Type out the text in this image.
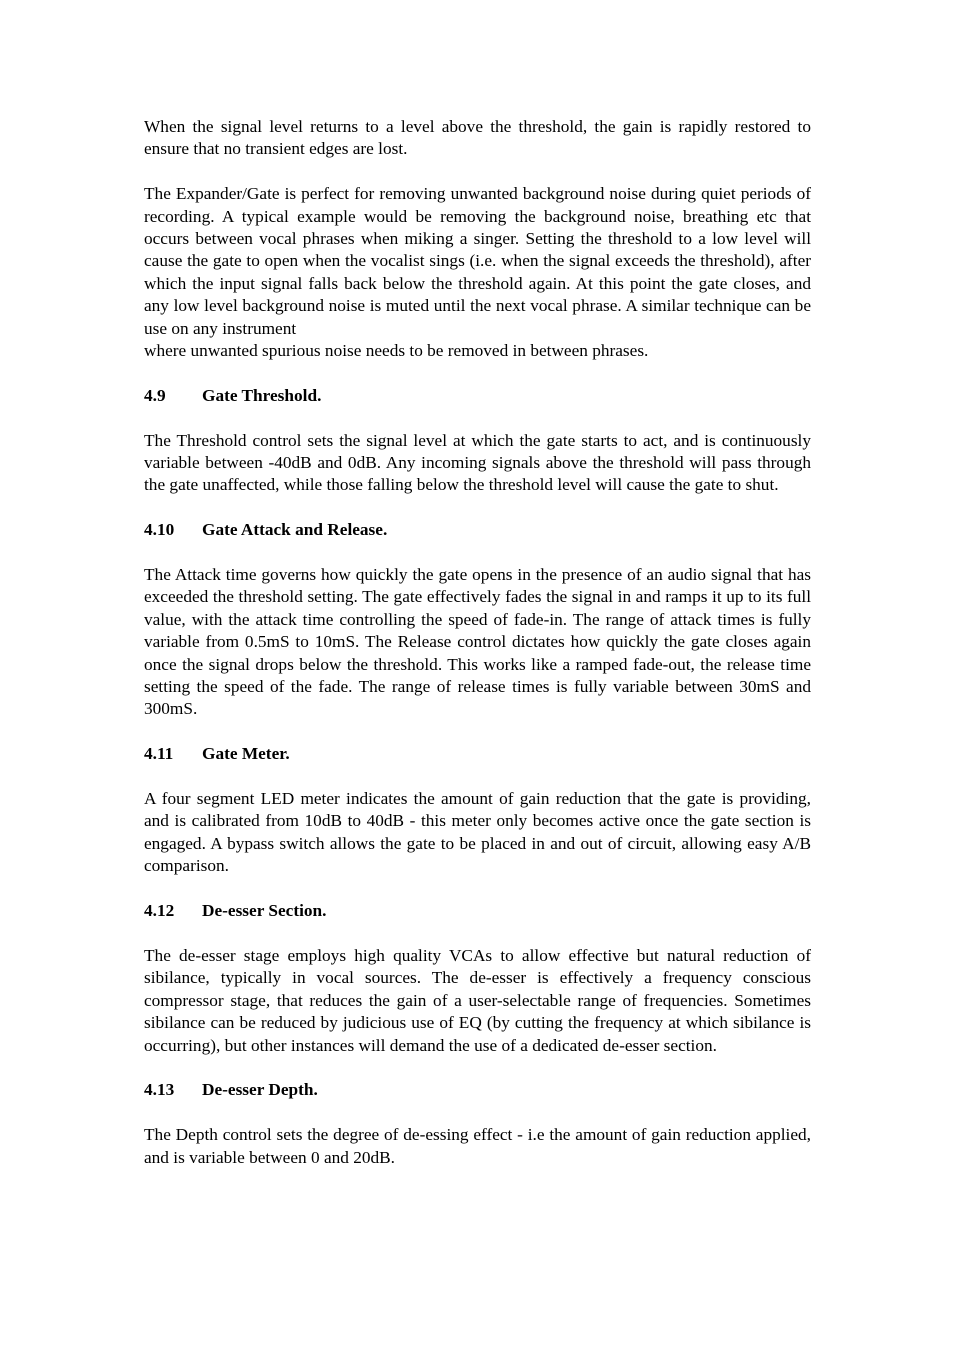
When the signal level returns to a level above the threshold, the gain is rapidly restored to ensure that no transient edges are lost.

The Expander/Gate is perfect for removing unwanted background noise during quiet periods of recording. A typical example would be removing the background noise, breathing etc that occurs between vocal phrases when miking a singer. Setting the threshold to a low level will cause the gate to open when the vocalist sings (i.e. when the signal exceeds the threshold), after which the input signal falls back below the threshold again. At this point the gate closes, and any low level background noise is muted until the next vocal phrase. A similar technique can be use on any instrument
where unwanted spurious noise needs to be removed in between phrases.

4.9	Gate Threshold.

The Threshold control sets the signal level at which the gate starts to act, and is continuously variable between -40dB and 0dB. Any incoming signals above the threshold will pass through the gate unaffected, while those falling below the threshold level will cause the gate to shut.

4.10	Gate Attack and Release.

The Attack time governs how quickly the gate opens in the presence of an audio signal that has exceeded the threshold setting. The gate effectively fades the signal in and ramps it up to its full value, with the attack time controlling the speed of fade-in. The range of attack times is fully variable from 0.5mS to 10mS. The Release control dictates how quickly the gate closes again once the signal drops below the threshold. This works like a ramped fade-out, the release time setting the speed of the fade. The range of release times is fully variable between 30mS and 300mS.

4.11	Gate Meter.

A four segment LED meter indicates the amount of gain reduction that the gate is providing, and is calibrated from 10dB to 40dB - this meter only becomes active once the gate section is engaged. A bypass switch allows the gate to be placed in and out of circuit, allowing easy A/B comparison.

4.12	De-esser Section.

The de-esser stage employs high quality VCAs to allow effective but natural reduction of sibilance, typically in vocal sources. The de-esser is effectively a frequency conscious compressor stage, that reduces the gain of a user-selectable range of frequencies. Sometimes sibilance can be reduced by judicious use of EQ (by cutting the frequency at which sibilance is occurring), but other instances will demand the use of a dedicated de-esser section.

4.13	De-esser Depth.

The Depth control sets the degree of de-essing effect - i.e the amount of gain reduction applied, and is variable between 0 and 20dB.
